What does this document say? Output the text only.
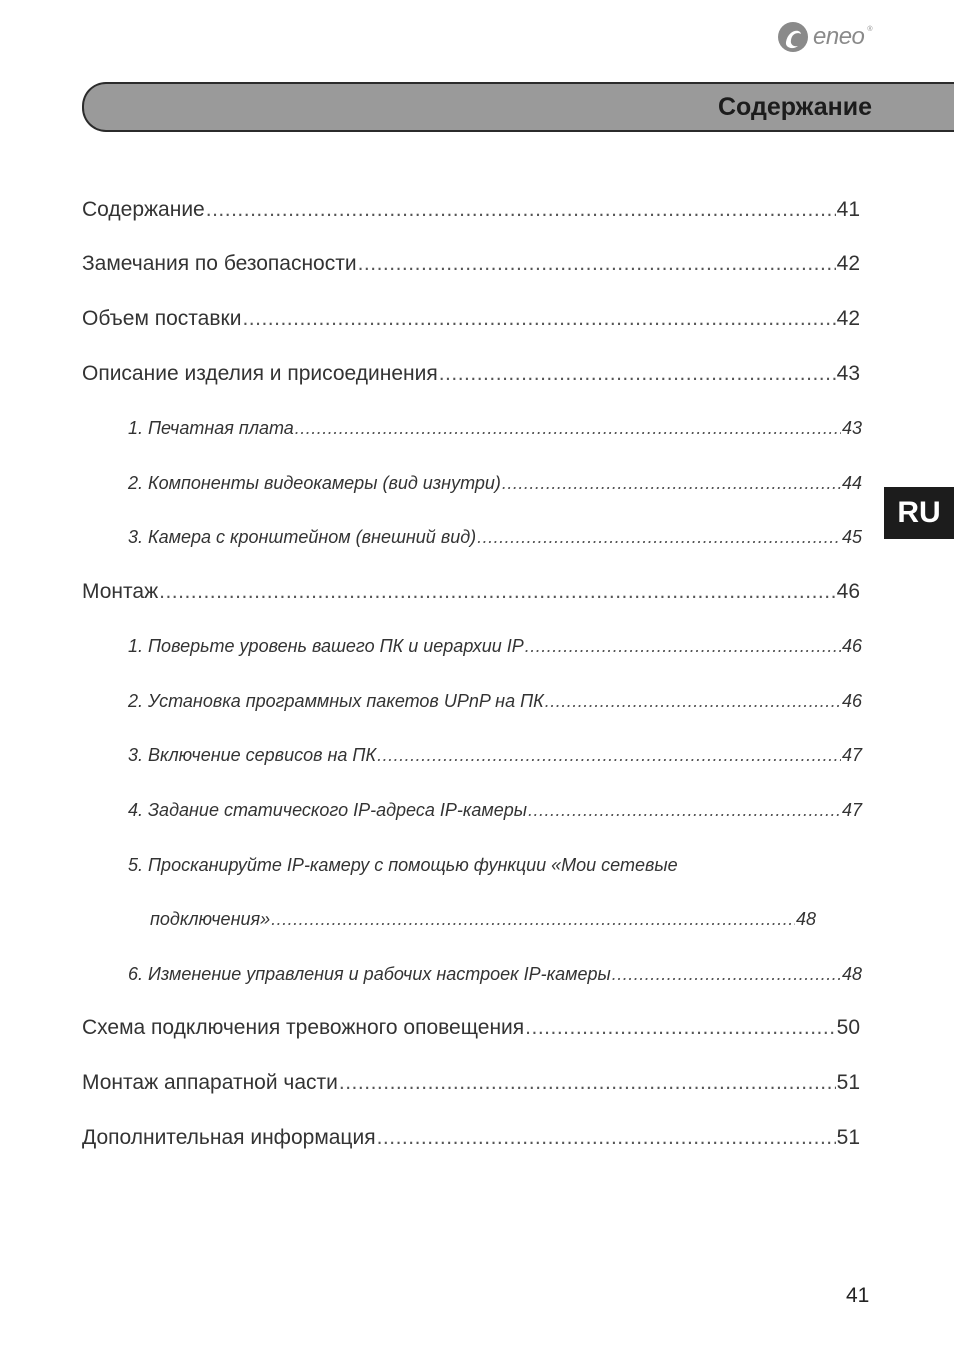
eneo ®
Содержание
RU
Содержание .....	41
Замечания по безопасности .....	42
Объем поставки .....	42
Описание изделия и присоединения .....	43
1. Печатная плата .....	43
2. Компоненты видеокамеры (вид изнутри) .....	44
3. Камера с кронштейном (внешний вид) .....	45
Монтаж .....	46
1. Поверьте уровень вашего ПК и иерархии IP .....	46
2. Установка программных пакетов UPnP на ПК .....	46
3. Включение сервисов на ПК .....	47
4. Задание статического IP-адреса IP-камеры .....	47
5. Просканируйте IP-камеру с помощью функции «Мои сетевые
подключения» .....	48
6. Изменение управления и рабочих настроек IP-камеры .....	48
Схема подключения тревожного оповещения .....	50
Монтаж аппаратной части .....	51
Дополнительная информация .....	51
41
